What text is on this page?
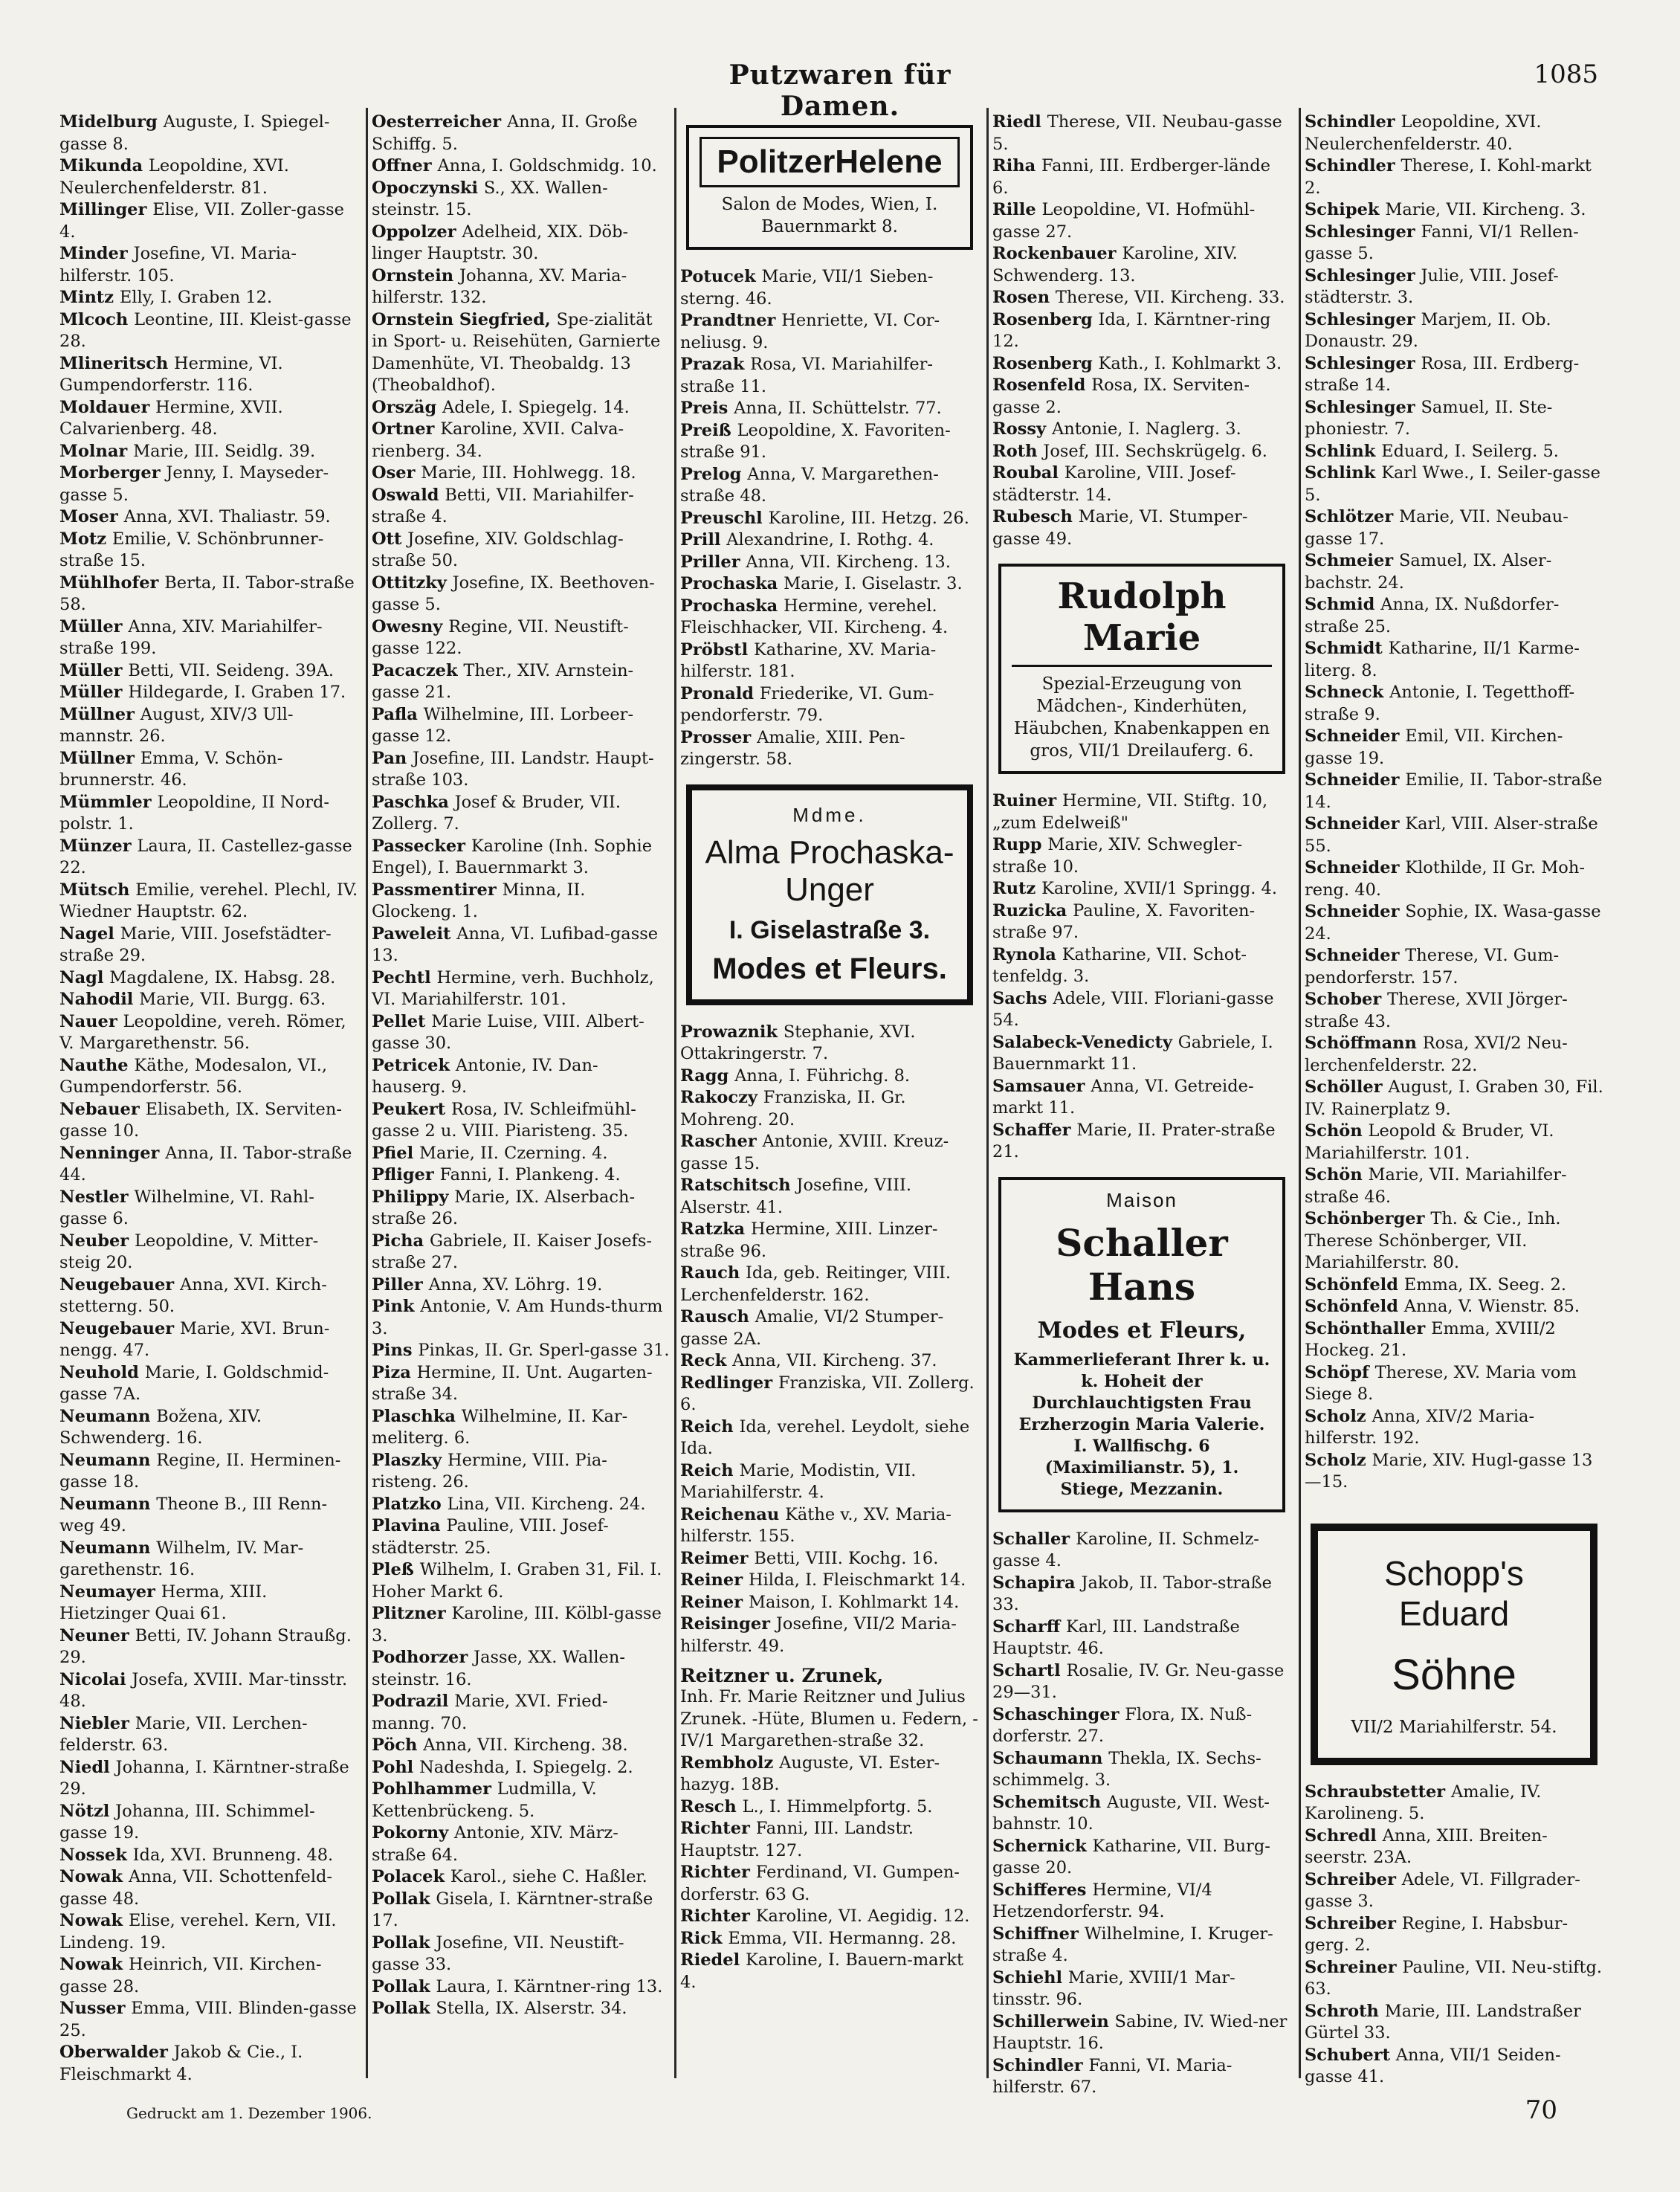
Putzwaren für Damen.
1085
Midelburg Auguste, I. Spiegel-gasse 8.
Mikunda Leopoldine, XVI. Neulerchenfelderstr. 81.
Millinger Elise, VII. Zoller-gasse 4.
Minder Josefine, VI. Maria-hilferstr. 105.
Mintz Elly, I. Graben 12.
Mlcoch Leontine, III. Kleist-gasse 28.
Mlineritsch Hermine, VI. Gumpendorferstr. 116.
Moldauer Hermine, XVII. Calvarienberg. 48.
Molnar Marie, III. Seidlg. 39.
Morberger Jenny, I. Mayseder-gasse 5.
Moser Anna, XVI. Thaliastr. 59.
Motz Emilie, V. Schönbrunner-straße 15.
Mühlhofer Berta, II. Tabor-straße 58.
Müller Anna, XIV. Mariahilfer-straße 199.
Müller Betti, VII. Seideng. 39A.
Müller Hildegarde, I. Graben 17.
Müllner August, XIV/3 Ull-mannstr. 26.
Müllner Emma, V. Schön-brunnerstr. 46.
Mümmler Leopoldine, II Nord-polstr. 1.
Münzer Laura, II. Castellez-gasse 22.
Mütsch Emilie, verehel. Plechl, IV. Wiedner Hauptstr. 62.
Nagel Marie, VIII. Josefstädter-straße 29.
Nagl Magdalene, IX. Habsg. 28.
Nahodil Marie, VII. Burgg. 63.
Nauer Leopoldine, vereh. Römer, V. Margarethenstr. 56.
Nauthe Käthe, Modesalon, VI., Gumpendorferstr. 56.
Nebauer Elisabeth, IX. Serviten-gasse 10.
Nenninger Anna, II. Tabor-straße 44.
Nestler Wilhelmine, VI. Rahl-gasse 6.
Neuber Leopoldine, V. Mitter-steig 20.
Neugebauer Anna, XVI. Kirch-stetterng. 50.
Neugebauer Marie, XVI. Brun-nengg. 47.
Neuhold Marie, I. Goldschmid-gasse 7A.
Neumann Božena, XIV. Schwenderg. 16.
Neumann Regine, II. Herminen-gasse 18.
Neumann Theone B., III Renn-weg 49.
Neumann Wilhelm, IV. Mar-garethenstr. 16.
Neumayer Herma, XIII. Hietzinger Quai 61.
Neuner Betti, IV. Johann Straußg. 29.
Nicolai Josefa, XVIII. Mar-tinsstr. 48.
Niebler Marie, VII. Lerchen-felderstr. 63.
Niedl Johanna, I. Kärntner-straße 29.
Nötzl Johanna, III. Schimmel-gasse 19.
Nossek Ida, XVI. Brunneng. 48.
Nowak Anna, VII. Schottenfeld-gasse 48.
Nowak Elise, verehel. Kern, VII. Lindeng. 19.
Nowak Heinrich, VII. Kirchen-gasse 28.
Nusser Emma, VIII. Blinden-gasse 25.
Oberwalder Jakob & Cie., I. Fleischmarkt 4.
Oesterreicher Anna, II. Große Schiffg. 5.
Offner Anna, I. Goldschmidg. 10.
Opoczynski S., XX. Wallen-steinstr. 15.
Oppolzer Adelheid, XIX. Döb-linger Hauptstr. 30.
Ornstein Johanna, XV. Maria-hilferstr. 132.
Ornstein Siegfried, Spe-zialität in Sport- u. Reisehüten, Garnierte Damenhüte, VI. Theobaldg. 13 (Theobaldhof).
Orszäg Adele, I. Spiegelg. 14.
Ortner Karoline, XVII. Calva-rienberg. 34.
Oser Marie, III. Hohlwegg. 18.
Oswald Betti, VII. Mariahilfer-straße 4.
Ott Josefine, XIV. Goldschlag-straße 50.
Ottitzky Josefine, IX. Beethoven-gasse 5.
Owesny Regine, VII. Neustift-gasse 122.
Pacaczek Ther., XIV. Arnstein-gasse 21.
Pafla Wilhelmine, III. Lorbeer-gasse 12.
Pan Josefine, III. Landstr. Haupt-straße 103.
Paschka Josef & Bruder, VII. Zollerg. 7.
Passecker Karoline (Inh. Sophie Engel), I. Bauernmarkt 3.
Passmentirer Minna, II. Glockeng. 1.
Paweleit Anna, VI. Lufibad-gasse 13.
Pechtl Hermine, verh. Buchholz, VI. Mariahilferstr. 101.
Pellet Marie Luise, VIII. Albert-gasse 30.
Petricek Antonie, IV. Dan-hauserg. 9.
Peukert Rosa, IV. Schleifmühl-gasse 2 u. VIII. Piaristeng. 35.
Pfiel Marie, II. Czerning. 4.
Pfliger Fanni, I. Plankeng. 4.
Philippy Marie, IX. Alserbach-straße 26.
Picha Gabriele, II. Kaiser Josefs-straße 27.
Piller Anna, XV. Löhrg. 19.
Pink Antonie, V. Am Hunds-thurm 3.
Pins Pinkas, II. Gr. Sperl-gasse 31.
Piza Hermine, II. Unt. Augarten-straße 34.
Plaschka Wilhelmine, II. Kar-meliterg. 6.
Plaszky Hermine, VIII. Pia-risteng. 26.
Platzko Lina, VII. Kircheng. 24.
Plavina Pauline, VIII. Josef-städterstr. 25.
Pleß Wilhelm, I. Graben 31, Fil. I. Hoher Markt 6.
Plitzner Karoline, III. Kölbl-gasse 3.
Podhorzer Jasse, XX. Wallen-steinstr. 16.
Podrazil Marie, XVI. Fried-manng. 70.
Pöch Anna, VII. Kircheng. 38.
Pohl Nadeshda, I. Spiegelg. 2.
Pohlhammer Ludmilla, V. Kettenbrückeng. 5.
Pokorny Antonie, XIV. März-straße 64.
Polacek Karol., siehe C. Haßler.
Pollak Gisela, I. Kärntner-straße 17.
Pollak Josefine, VII. Neustift-gasse 33.
Pollak Laura, I. Kärntner-ring 13.
Pollak Stella, IX. Alserstr. 34.
PolitzerHelene
Salon de Modes, Wien, I. Bauernmarkt 8.
Potucek Marie, VII/1 Sieben-sterng. 46.
Prandtner Henriette, VI. Cor-neliusg. 9.
Prazak Rosa, VI. Mariahilfer-straße 11.
Preis Anna, II. Schüttelstr. 77.
Preiß Leopoldine, X. Favoriten-straße 91.
Prelog Anna, V. Margarethen-straße 48.
Preuschl Karoline, III. Hetzg. 26.
Prill Alexandrine, I. Rothg. 4.
Priller Anna, VII. Kircheng. 13.
Prochaska Marie, I. Giselastr. 3.
Prochaska Hermine, verehel. Fleischhacker, VII. Kircheng. 4.
Pröbstl Katharine, XV. Maria-hilferstr. 181.
Pronald Friederike, VI. Gum-pendorferstr. 79.
Prosser Amalie, XIII. Pen-zingerstr. 58.
Mdme.
Alma Prochaska-Unger
I. Giselastraße 3.
Modes et Fleurs.
Prowaznik Stephanie, XVI. Ottakringerstr. 7.
Ragg Anna, I. Führichg. 8.
Rakoczy Franziska, II. Gr. Mohreng. 20.
Rascher Antonie, XVIII. Kreuz-gasse 15.
Ratschitsch Josefine, VIII. Alserstr. 41.
Ratzka Hermine, XIII. Linzer-straße 96.
Rauch Ida, geb. Reitinger, VIII. Lerchenfelderstr. 162.
Rausch Amalie, VI/2 Stumper-gasse 2A.
Reck Anna, VII. Kircheng. 37.
Redlinger Franziska, VII. Zollerg. 6.
Reich Ida, verehel. Leydolt, siehe Ida.
Reich Marie, Modistin, VII. Mariahilferstr. 4.
Reichenau Käthe v., XV. Maria-hilferstr. 155.
Reimer Betti, VIII. Kochg. 16.
Reiner Hilda, I. Fleischmarkt 14.
Reiner Maison, I. Kohlmarkt 14.
Reisinger Josefine, VII/2 Maria-hilferstr. 49.
Reitzner u. Zrunek,
Inh. Fr. Marie Reitzner und Julius Zrunek. -Hüte, Blumen u. Federn, - IV/1 Margarethen-straße 32.
Rembholz Auguste, VI. Ester-hazyg. 18B.
Resch L., I. Himmelpfortg. 5.
Richter Fanni, III. Landstr. Hauptstr. 127.
Richter Ferdinand, VI. Gumpen-dorferstr. 63 G.
Richter Karoline, VI. Aegidig. 12.
Rick Emma, VII. Hermanng. 28.
Riedel Karoline, I. Bauern-markt 4.
Riedl Therese, VII. Neubau-gasse 5.
Riha Fanni, III. Erdberger-lände 6.
Rille Leopoldine, VI. Hofmühl-gasse 27.
Rockenbauer Karoline, XIV. Schwenderg. 13.
Rosen Therese, VII. Kircheng. 33.
Rosenberg Ida, I. Kärntner-ring 12.
Rosenberg Kath., I. Kohlmarkt 3.
Rosenfeld Rosa, IX. Serviten-gasse 2.
Rossy Antonie, I. Naglerg. 3.
Roth Josef, III. Sechskrügelg. 6.
Roubal Karoline, VIII. Josef-städterstr. 14.
Rubesch Marie, VI. Stumper-gasse 49.
Rudolph Marie
Spezial-Erzeugung von Mädchen-, Kinderhüten, Häubchen, Knabenkappen en gros, VII/1 Dreilauferg. 6.
Ruiner Hermine, VII. Stiftg. 10, „zum Edelweiß"
Rupp Marie, XIV. Schwegler-straße 10.
Rutz Karoline, XVII/1 Springg. 4.
Ruzicka Pauline, X. Favoriten-straße 97.
Rynola Katharine, VII. Schot-tenfeldg. 3.
Sachs Adele, VIII. Floriani-gasse 54.
Salabeck-Venedicty Gabriele, I. Bauernmarkt 11.
Samsauer Anna, VI. Getreide-markt 11.
Schaffer Marie, II. Prater-straße 21.
Maison
Schaller Hans
Modes et Fleurs,
Kammerlieferant Ihrer k. u. k. Hoheit der Durchlauchtigsten Frau Erzherzogin Maria Valerie. I. Wallfischg. 6 (Maximilianstr. 5), 1. Stiege, Mezzanin.
Schaller Karoline, II. Schmelz-gasse 4.
Schapira Jakob, II. Tabor-straße 33.
Scharff Karl, III. Landstraße Hauptstr. 46.
Schartl Rosalie, IV. Gr. Neu-gasse 29—31.
Schaschinger Flora, IX. Nuß-dorferstr. 27.
Schaumann Thekla, IX. Sechs-schimmelg. 3.
Schemitsch Auguste, VII. West-bahnstr. 10.
Schernick Katharine, VII. Burg-gasse 20.
Schifferes Hermine, VI/4 Hetzendorferstr. 94.
Schiffner Wilhelmine, I. Kruger-straße 4.
Schiehl Marie, XVIII/1 Mar-tinsstr. 96.
Schillerwein Sabine, IV. Wied-ner Hauptstr. 16.
Schindler Fanni, VI. Maria-hilferstr. 67.
Schindler Leopoldine, XVI. Neulerchenfelderstr. 40.
Schindler Therese, I. Kohl-markt 2.
Schipek Marie, VII. Kircheng. 3.
Schlesinger Fanni, VI/1 Rellen-gasse 5.
Schlesinger Julie, VIII. Josef-städterstr. 3.
Schlesinger Marjem, II. Ob. Donaustr. 29.
Schlesinger Rosa, III. Erdberg-straße 14.
Schlesinger Samuel, II. Ste-phoniestr. 7.
Schlink Eduard, I. Seilerg. 5.
Schlink Karl Wwe., I. Seiler-gasse 5.
Schlötzer Marie, VII. Neubau-gasse 17.
Schmeier Samuel, IX. Alser-bachstr. 24.
Schmid Anna, IX. Nußdorfer-straße 25.
Schmidt Katharine, II/1 Karme-literg. 8.
Schneck Antonie, I. Tegetthoff-straße 9.
Schneider Emil, VII. Kirchen-gasse 19.
Schneider Emilie, II. Tabor-straße 14.
Schneider Karl, VIII. Alser-straße 55.
Schneider Klothilde, II Gr. Moh-reng. 40.
Schneider Sophie, IX. Wasa-gasse 24.
Schneider Therese, VI. Gum-pendorferstr. 157.
Schober Therese, XVII Jörger-straße 43.
Schöffmann Rosa, XVI/2 Neu-lerchenfelderstr. 22.
Schöller August, I. Graben 30, Fil. IV. Rainerplatz 9.
Schön Leopold & Bruder, VI. Mariahilferstr. 101.
Schön Marie, VII. Mariahilfer-straße 46.
Schönberger Th. & Cie., Inh. Therese Schönberger, VII. Mariahilferstr. 80.
Schönfeld Emma, IX. Seeg. 2.
Schönfeld Anna, V. Wienstr. 85.
Schönthaller Emma, XVIII/2 Hockeg. 21.
Schöpf Therese, XV. Maria vom Siege 8.
Scholz Anna, XIV/2 Maria-hilferstr. 192.
Scholz Marie, XIV. Hugl-gasse 13—15.
Schopp's Eduard
Söhne
VII/2 Mariahilferstr. 54.
Schraubstetter Amalie, IV. Karolineng. 5.
Schredl Anna, XIII. Breiten-seerstr. 23A.
Schreiber Adele, VI. Fillgrader-gasse 3.
Schreiber Regine, I. Habsbur-gerg. 2.
Schreiner Pauline, VII. Neu-stiftg. 63.
Schroth Marie, III. Landstraßer Gürtel 33.
Schubert Anna, VII/1 Seiden-gasse 41.
Gedruckt am 1. Dezember 1906.	70
